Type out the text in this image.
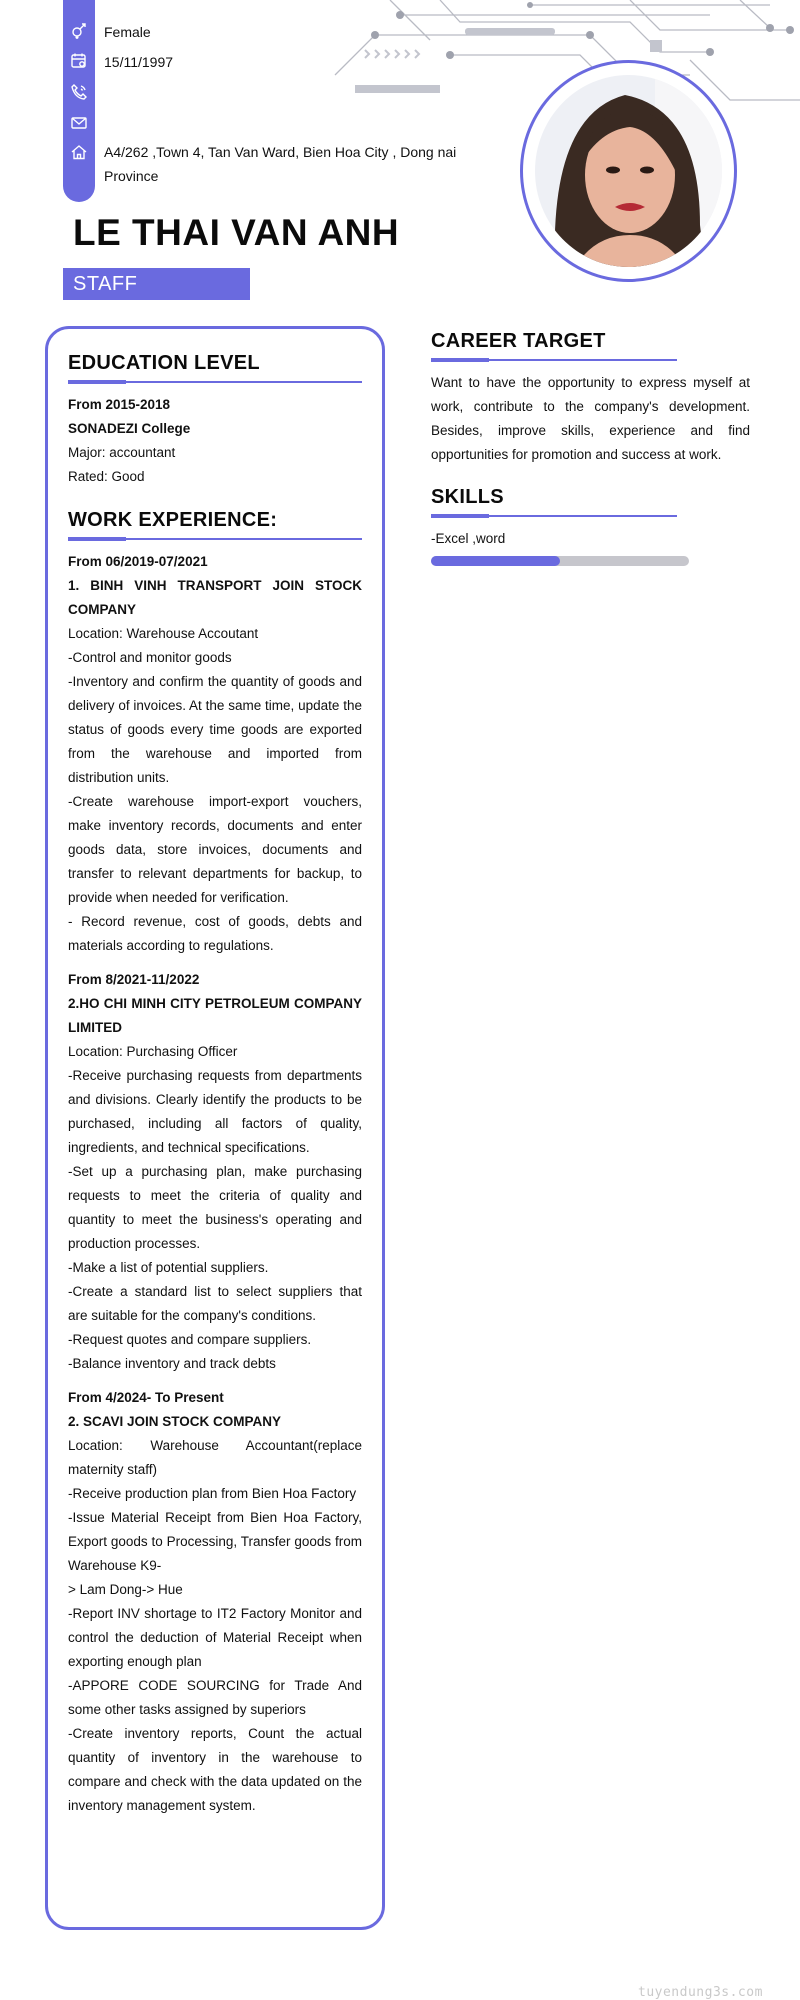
Female
15/11/1997
A4/262 ,Town 4, Tan Van Ward, Bien Hoa City , Dong nai Province
LE THAI VAN ANH
STAFF
EDUCATION LEVEL
From 2015-2018
SONADEZI College
Major: accountant
Rated: Good
WORK EXPERIENCE:
From 06/2019-07/2021
1. BINH VINH TRANSPORT JOIN STOCK COMPANY
Location: Warehouse Accoutant
-Control and monitor goods
-Inventory and confirm the quantity of goods and delivery of invoices. At the same time, update the status of goods every time goods are exported from the warehouse and imported from distribution units.
-Create warehouse import-export vouchers, make inventory records, documents and enter goods data, store invoices, documents and transfer to relevant departments for backup, to provide when needed for verification.
- Record revenue, cost of goods, debts and materials according to regulations.
From 8/2021-11/2022
2.HO CHI MINH CITY PETROLEUM COMPANY LIMITED
Location: Purchasing Officer
-Receive purchasing requests from departments and divisions. Clearly identify the products to be purchased, including all factors of quality, ingredients, and technical specifications.
-Set up a purchasing plan, make purchasing requests to meet the criteria of quality and quantity to meet the business's operating and production processes.
-Make a list of potential suppliers.
-Create a standard list to select suppliers that are suitable for the company's conditions.
-Request quotes and compare suppliers.
-Balance inventory and track debts
From 4/2024- To Present
2. SCAVI JOIN STOCK COMPANY
Location: Warehouse Accountant(replace maternity staff)
-Receive production plan from Bien Hoa Factory
-Issue Material Receipt from Bien Hoa Factory, Export goods to Processing, Transfer goods from Warehouse K9-
> Lam Dong-> Hue
-Report INV shortage to IT2 Factory Monitor and control the deduction of Material Receipt when exporting enough plan
-APPORE CODE SOURCING for Trade And some other tasks assigned by superiors
-Create inventory reports, Count the actual quantity of inventory in the warehouse to compare and check with the data updated on the inventory management system.
CAREER TARGET
Want to have the opportunity to express myself at work, contribute to the company's development. Besides, improve skills, experience and find opportunities for promotion and success at work.
SKILLS
-Excel ,word
tuyendung3s.com
